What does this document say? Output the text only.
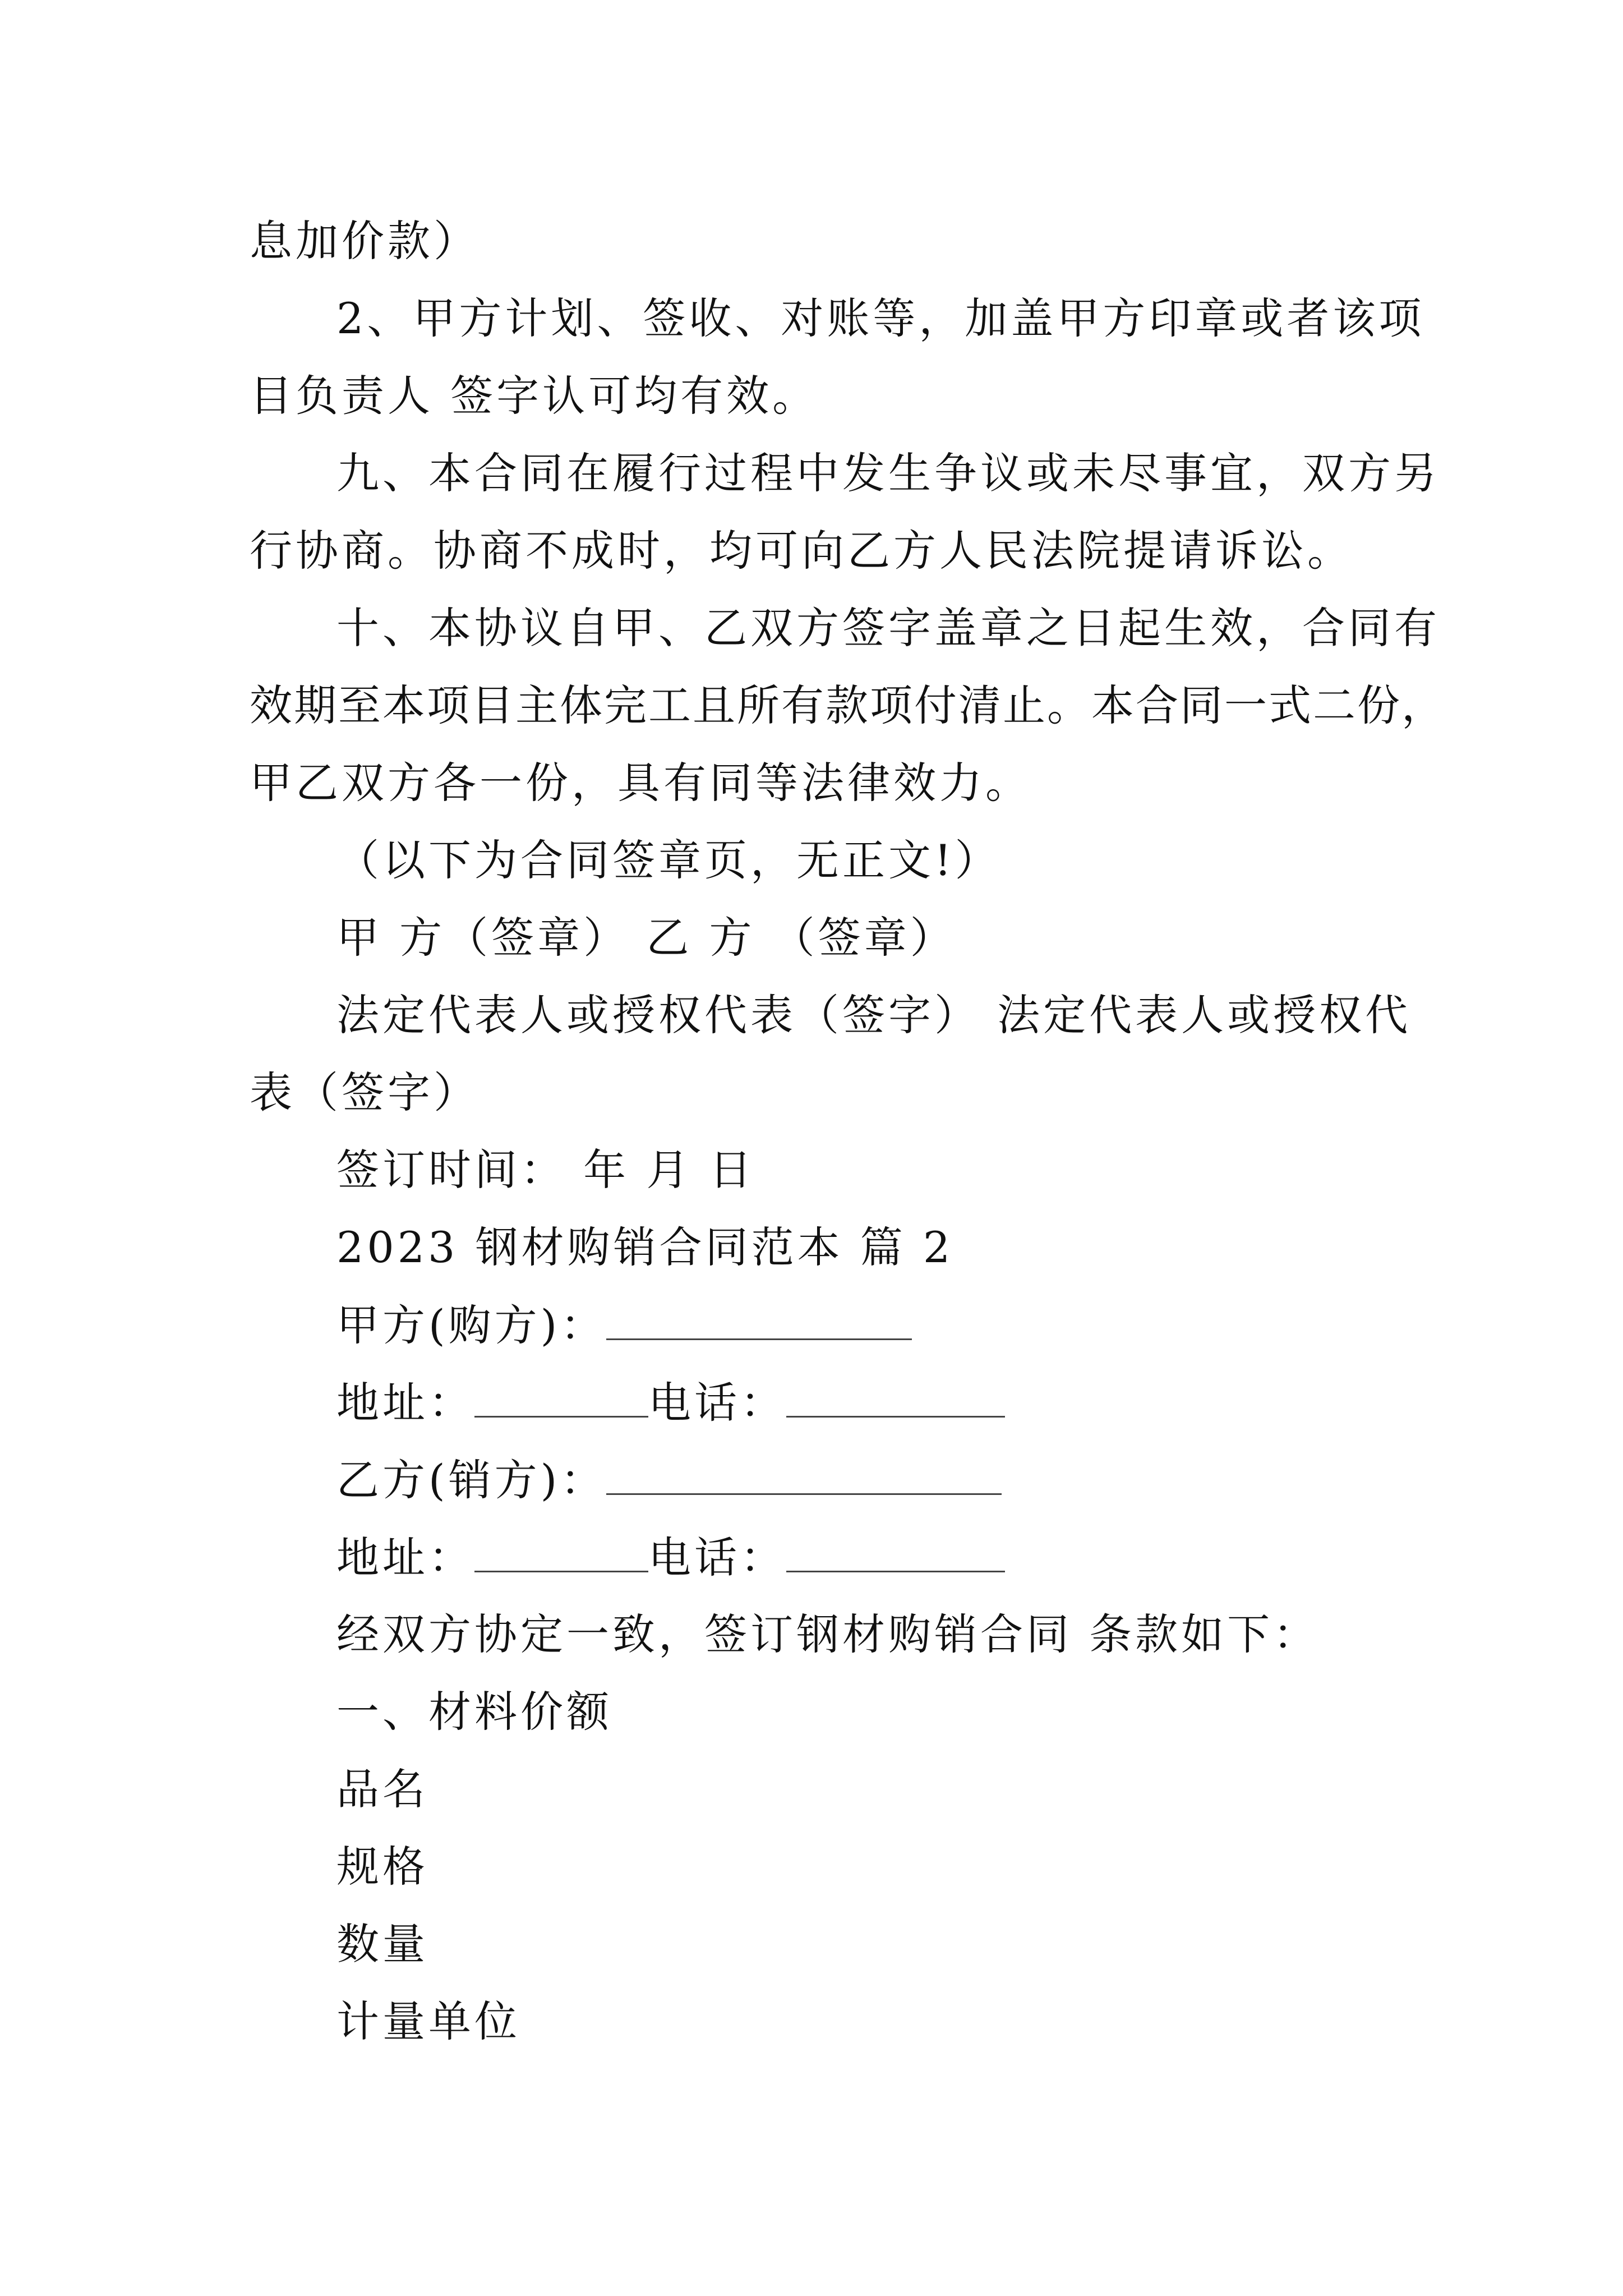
息加价款）
2、甲方计划、签收、对账等，加盖甲方印章或者该项
目负责人 签字认可均有效。
九、本合同在履行过程中发生争议或未尽事宜，双方另
行协商。协商不成时，均可向乙方人民法院提请诉讼。
十、本协议自甲、乙双方签字盖章之日起生效，合同有
效期至本项目主体完工且所有款项付清止。本合同一式二份，
甲乙双方各一份，具有同等法律效力。
（以下为合同签章页，无正文!）
甲 方（签章） 乙 方 （签章）
法定代表人或授权代表（签字） 法定代表人或授权代
表（签字）
签订时间： 年 月 日
2023 钢材购销合同范本 篇 2
甲方(购方)：
地址：	电话：
乙方(销方)：
地址：	电话：
经双方协定一致，签订钢材购销合同 条款如下：
一、材料价额
品名
规格
数量
计量单位
